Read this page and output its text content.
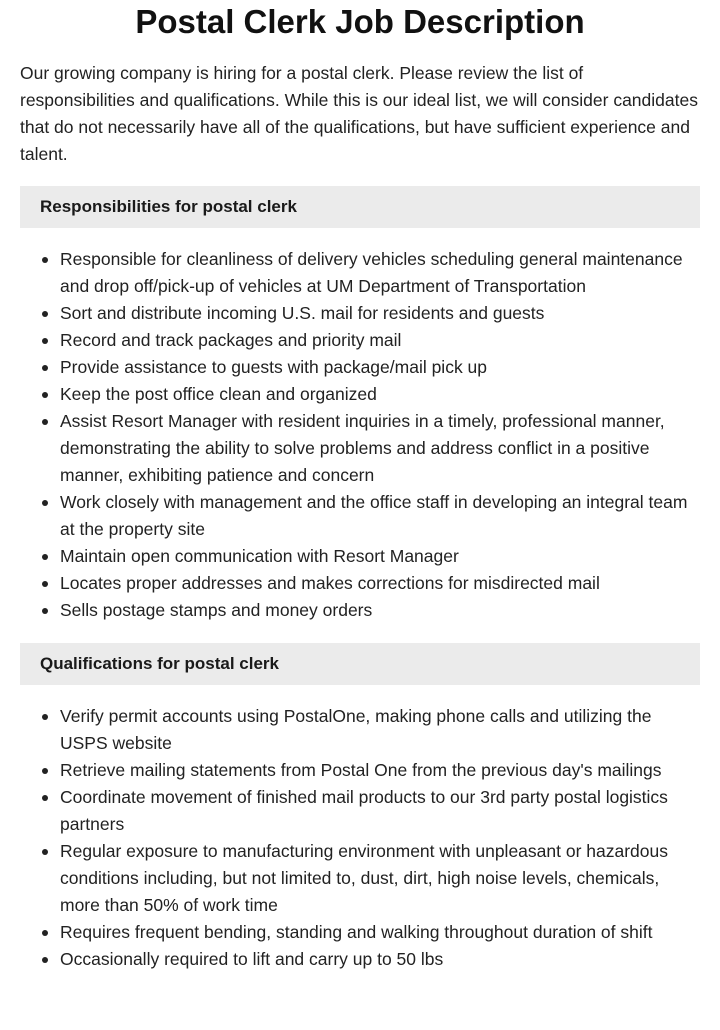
Postal Clerk Job Description

Our growing company is hiring for a postal clerk. Please review the list of responsibilities and qualifications. While this is our ideal list, we will consider candidates that do not necessarily have all of the qualifications, but have sufficient experience and talent.

Responsibilities for postal clerk
Responsible for cleanliness of delivery vehicles scheduling general maintenance and drop off/pick-up of vehicles at UM Department of Transportation
Sort and distribute incoming U.S. mail for residents and guests
Record and track packages and priority mail
Provide assistance to guests with package/mail pick up
Keep the post office clean and organized
Assist Resort Manager with resident inquiries in a timely, professional manner, demonstrating the ability to solve problems and address conflict in a positive manner, exhibiting patience and concern
Work closely with management and the office staff in developing an integral team at the property site
Maintain open communication with Resort Manager
Locates proper addresses and makes corrections for misdirected mail
Sells postage stamps and money orders
Qualifications for postal clerk
Verify permit accounts using PostalOne, making phone calls and utilizing the USPS website
Retrieve mailing statements from Postal One from the previous day's mailings
Coordinate movement of finished mail products to our 3rd party postal logistics partners
Regular exposure to manufacturing environment with unpleasant or hazardous conditions including, but not limited to, dust, dirt, high noise levels, chemicals, more than 50% of work time
Requires frequent bending, standing and walking throughout duration of shift
Occasionally required to lift and carry up to 50 lbs
